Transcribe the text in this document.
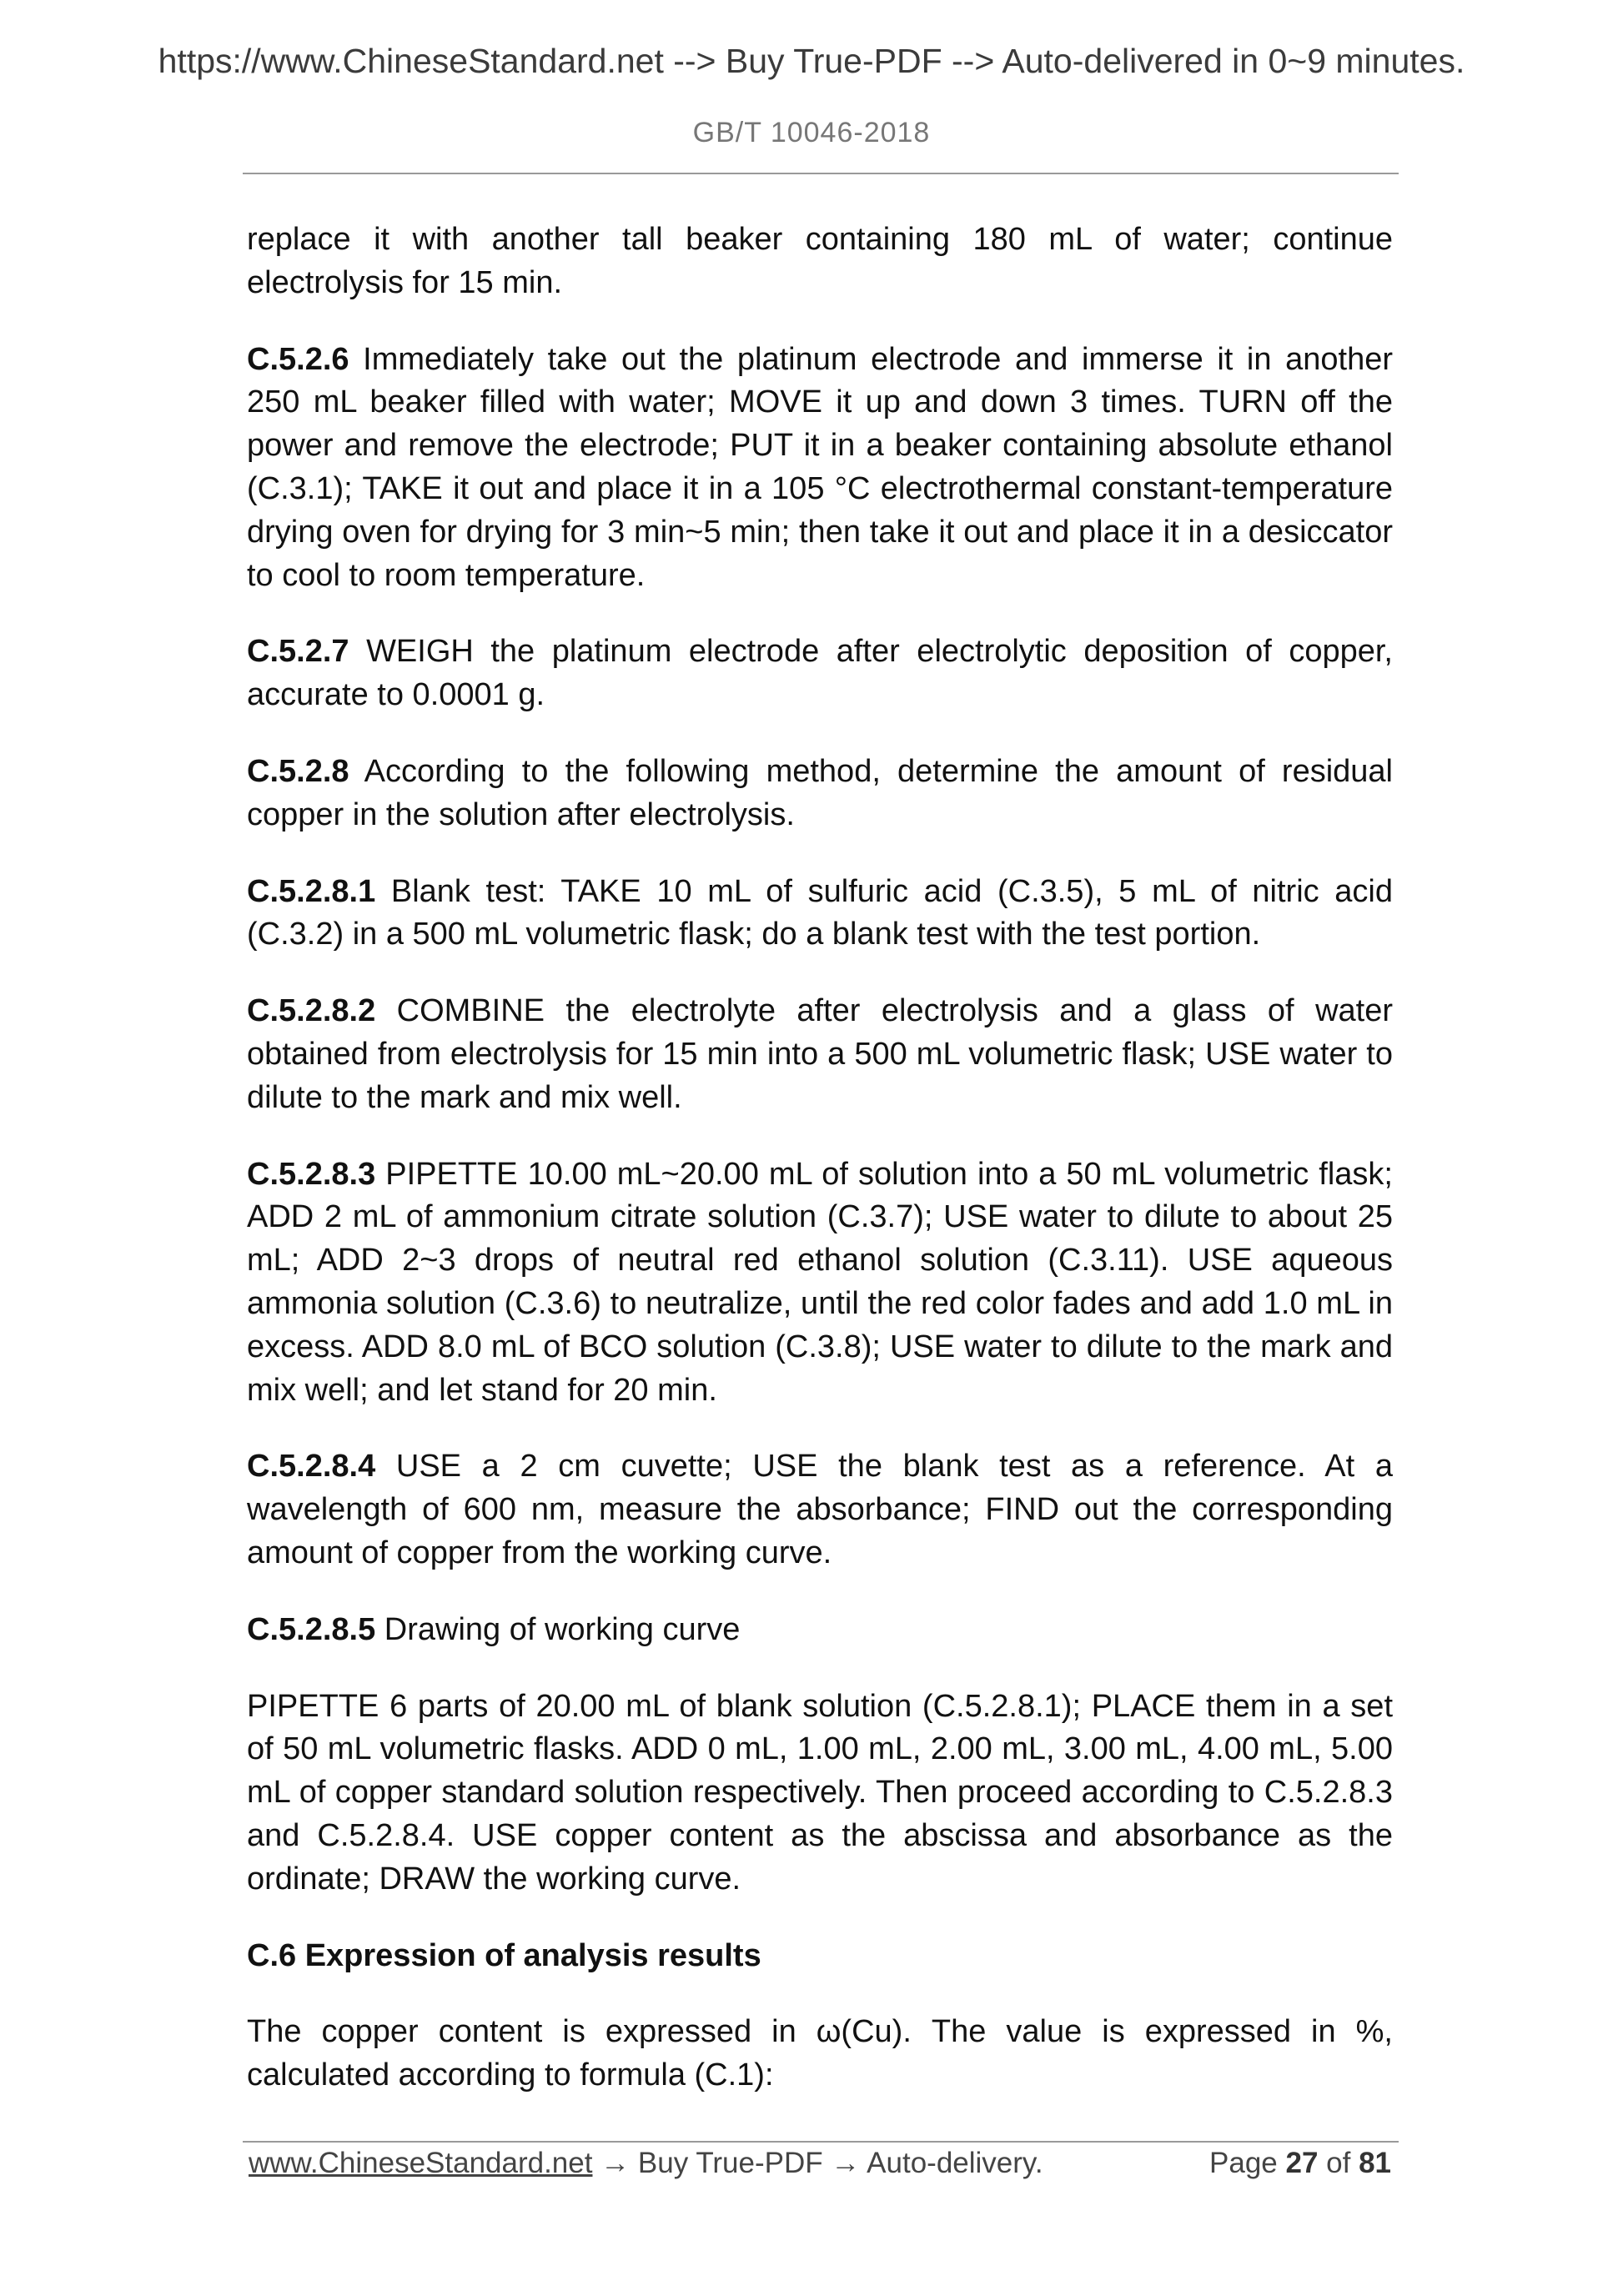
https://www.ChineseStandard.net --> Buy True-PDF --> Auto-delivered in 0~9 minutes.
GB/T 10046-2018

replace it with another tall beaker containing 180 mL of water; continue electrolysis for 15 min.

C.5.2.6 Immediately take out the platinum electrode and immerse it in another 250 mL beaker filled with water; MOVE it up and down 3 times. TURN off the power and remove the electrode; PUT it in a beaker containing absolute ethanol (C.3.1); TAKE it out and place it in a 105 °C electrothermal constant-temperature drying oven for drying for 3 min~5 min; then take it out and place it in a desiccator to cool to room temperature.

C.5.2.7 WEIGH the platinum electrode after electrolytic deposition of copper, accurate to 0.0001 g.

C.5.2.8 According to the following method, determine the amount of residual copper in the solution after electrolysis.

C.5.2.8.1 Blank test: TAKE 10 mL of sulfuric acid (C.3.5), 5 mL of nitric acid (C.3.2) in a 500 mL volumetric flask; do a blank test with the test portion.

C.5.2.8.2 COMBINE the electrolyte after electrolysis and a glass of water obtained from electrolysis for 15 min into a 500 mL volumetric flask; USE water to dilute to the mark and mix well.

C.5.2.8.3 PIPETTE 10.00 mL~20.00 mL of solution into a 50 mL volumetric flask; ADD 2 mL of ammonium citrate solution (C.3.7); USE water to dilute to about 25 mL; ADD 2~3 drops of neutral red ethanol solution (C.3.11). USE aqueous ammonia solution (C.3.6) to neutralize, until the red color fades and add 1.0 mL in excess. ADD 8.0 mL of BCO solution (C.3.8); USE water to dilute to the mark and mix well; and let stand for 20 min.

C.5.2.8.4 USE a 2 cm cuvette; USE the blank test as a reference. At a wavelength of 600 nm, measure the absorbance; FIND out the corresponding amount of copper from the working curve.

C.5.2.8.5 Drawing of working curve

PIPETTE 6 parts of 20.00 mL of blank solution (C.5.2.8.1); PLACE them in a set of 50 mL volumetric flasks. ADD 0 mL, 1.00 mL, 2.00 mL, 3.00 mL, 4.00 mL, 5.00 mL of copper standard solution respectively. Then proceed according to C.5.2.8.3 and C.5.2.8.4. USE copper content as the abscissa and absorbance as the ordinate; DRAW the working curve.

C.6 Expression of analysis results

The copper content is expressed in ω(Cu). The value is expressed in %, calculated according to formula (C.1):

www.ChineseStandard.net → Buy True-PDF → Auto-delivery.	Page 27 of 81
